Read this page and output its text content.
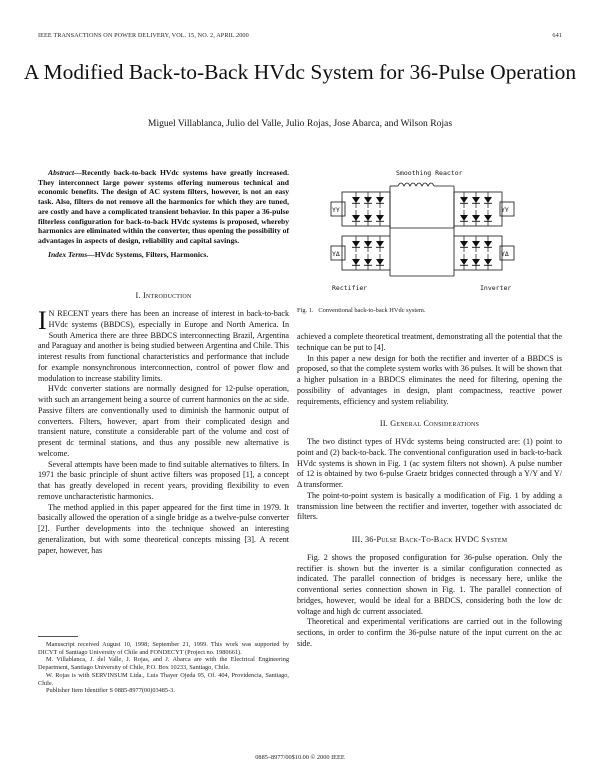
IEEE TRANSACTIONS ON POWER DELIVERY, VOL. 15, NO. 2, APRIL 2000	641
A Modified Back-to-Back HVdc System for 36-Pulse Operation
Miguel Villablanca, Julio del Valle, Julio Rojas, Jose Abarca, and Wilson Rojas

Abstract—Recently back-to-back HVdc systems have greatly increased. They interconnect large power systems offering numerous technical and economic benefits. The design of AC system filters, however, is not an easy task. Also, filters do not remove all the harmonics for which they are tuned, are costly and have a complicated transient behavior. In this paper a 36-pulse filterless configuration for back-to-back HVdc systems is proposed, whereby harmonics are eliminated within the converter, thus opening the possibility of advantages in aspects of design, reliability and capital savings.

Index Terms—HVdc Systems, Filters, Harmonics.

I. Introduction

I N RECENT years there has been an increase of interest in back-to-back HVdc systems (BBDCS), especially in Europe and North America. In South America there are three BBDCS interconnecting Brazil, Argentina and Paraguay and another is being studied between Argentina and Chile. This interest results from functional characteristics and performance that include for example nonsynchronous interconnection, control of power flow and modulation to increase stability limits.

HVdc converter stations are normally designed for 12-pulse operation, with such an arrangement being a source of current harmonics on the ac side. Passive filters are conventionally used to diminish the harmonic output of converters. Filters, however, apart from their complicated design and transient nature, constitute a considerable part of the volume and cost of present dc terminal stations, and thus any possible new alternative is welcome.

Several attempts have been made to find suitable alternatives to filters. In 1971 the basic principle of shunt active filters was proposed [1], a concept that has greatly developed in recent years, providing flexibility to even remove uncharacteristic harmonics.

The method applied in this paper appeared for the first time in 1979. It basically allowed the operation of a single bridge as a twelve-pulse converter [2]. Further developments into the technique showed an interesting generalization, but with some theoretical concepts missing [3]. A recent paper, however, has

Manuscript received August 10, 1998; September 21, 1999. This work was supported by DICYT of Santiago University of Chile and FONDECYT (Project no. 1980661).

M. Villablanca, J. del Valle, J. Rojas, and J. Abarca are with the Electrical Engineering Department, Santiago University of Chile, P.O. Box 10233, Santiago, Chile.

W. Rojas is with SERVINSUM Ltda., Luis Thayer Ojeda 95, Of. 404, Providencia, Santiago, Chile.

Publisher Item Identifier S 0885-8977(00)03485-3.

Smoothing Reactor
YY	YY
YΔ	YΔ
Rectifier	Inverter
Fig. 1. Conventional back-to-back HVdc system.

achieved a complete theoretical treatment, demonstrating all the potential that the technique can be put to [4].

In this paper a new design for both the rectifier and inverter of a BBDCS is proposed, so that the complete system works with 36 pulses. It will be shown that a higher pulsation in a BBDCS eliminates the need for filtering, opening the possibility of advantages in design, plant compactness, reactive power requirements, efficiency and system reliability.

II. General Considerations

The two distinct types of HVdc systems being constructed are: (1) point to point and (2) back-to-back. The conventional configuration used in back-to-back HVdc systems is shown in Fig. 1 (ac system filters not shown). A pulse number of 12 is obtained by two 6-pulse Graetz bridges connected through a Y/Y and Y/Δ transformer.

The point-to-point system is basically a modification of Fig. 1 by adding a transmission line between the rectifier and inverter, together with associated dc filters.

III. 36-Pulse Back-To-Back HVDC System

Fig. 2 shows the proposed configuration for 36-pulse operation. Only the rectifier is shown but the inverter is a similar configuration connected as indicated. The parallel connection of bridges is necessary here, unlike the conventional series connection shown in Fig. 1. The parallel connection of bridges, however, would be ideal for a BBDCS, considering both the low dc voltage and high dc current associated.

Theoretical and experimental verifications are carried out in the following sections, in order to confirm the 36-pulse nature of the input current on the ac side.

0885–8977/00$10.00 © 2000 IEEE
